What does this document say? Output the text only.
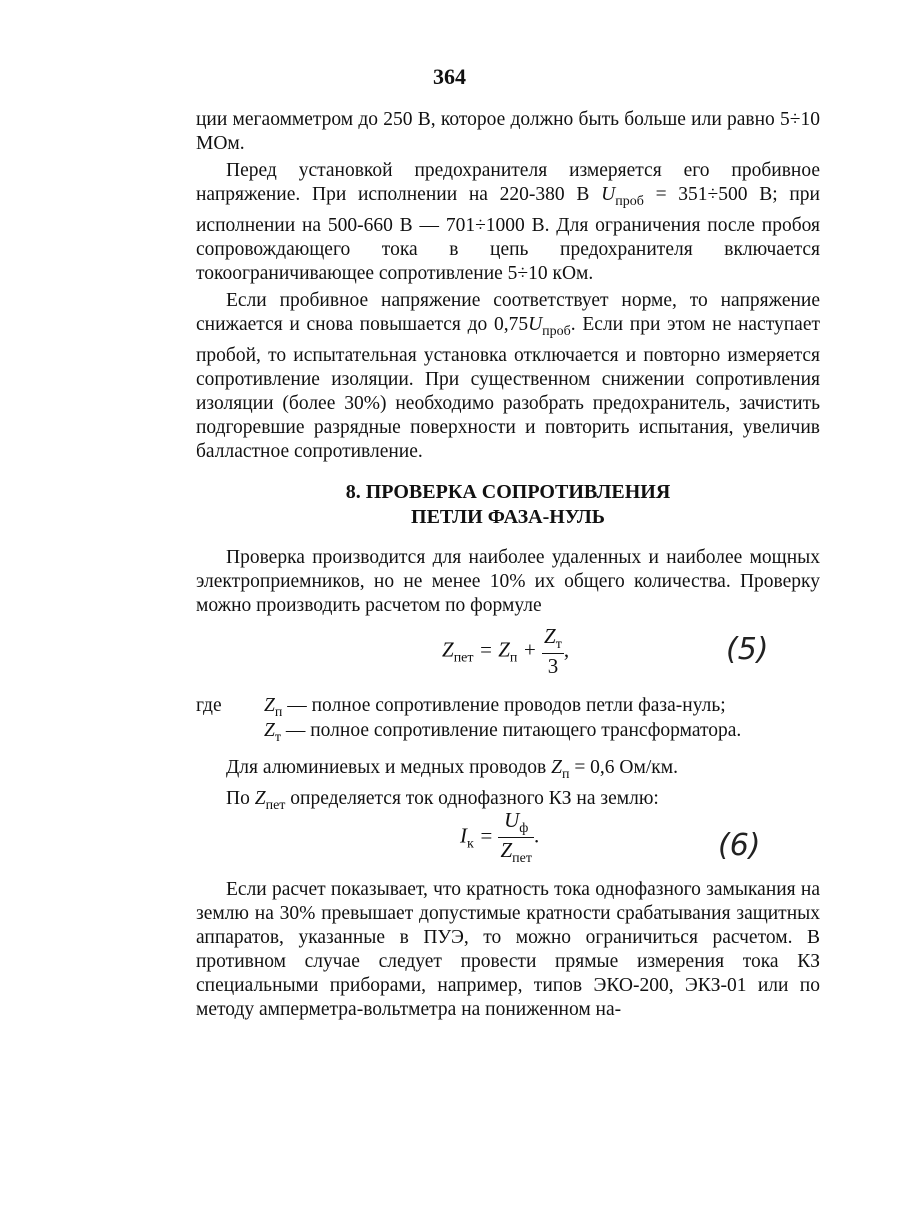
364

ции мегаомметром до 250 В, которое должно быть больше или равно 5÷10 МОм.

Перед установкой предохранителя измеряется его пробивное напряжение. При исполнении на 220-380 В $U_{проб} = 351\div 500$ В; при исполнении на 500-660 В — 701÷1000 В. Для ограничения после пробоя сопровождающего тока в цепь предохранителя включается токоограничивающее сопротивление 5÷10 кОм.

Если пробивное напряжение соответствует норме, то напряжение снижается и снова повышается до $0,75U_{проб}$. Если при этом не наступает пробой, то испытательная установка отключается и повторно измеряется сопротивление изоляции. При существенном снижении сопротивления изоляции (более 30%) необходимо разобрать предохранитель, зачистить подгоревшие разрядные поверхности и повторить испытания, увеличив балластное сопротивление.

8. ПРОВЕРКА СОПРОТИВЛЕНИЯ
ПЕТЛИ ФАЗА-НУЛЬ

Проверка производится для наиболее удаленных и наиболее мощных электроприемников, но не менее 10% их общего количества. Проверку можно производить расчетом по формуле

$Z_{пет} = Z_п + \frac{Z_т}{3}$ ,	(5)
где $Z_п$ — полное сопротивление проводов петли фаза-нуль;
$Z_т$ — полное сопротивление питающего трансформатора.

Для алюминиевых и медных проводов $Z_п = 0,6$ Ом/км.

По $Z_{пет}$ определяется ток однофазного КЗ на землю:

$I_к = \frac{U_ф}{Z_{пет}}$ .	(6)

Если расчет показывает, что кратность тока однофазного замыкания на землю на 30% превышает допустимые кратности срабатывания защитных аппаратов, указанные в ПУЭ, то можно ограничиться расчетом. В противном случае следует провести прямые измерения тока КЗ специальными приборами, например, типов ЭКО-200, ЭКЗ-01 или по методу амперметра-вольтметра на пониженном на-
